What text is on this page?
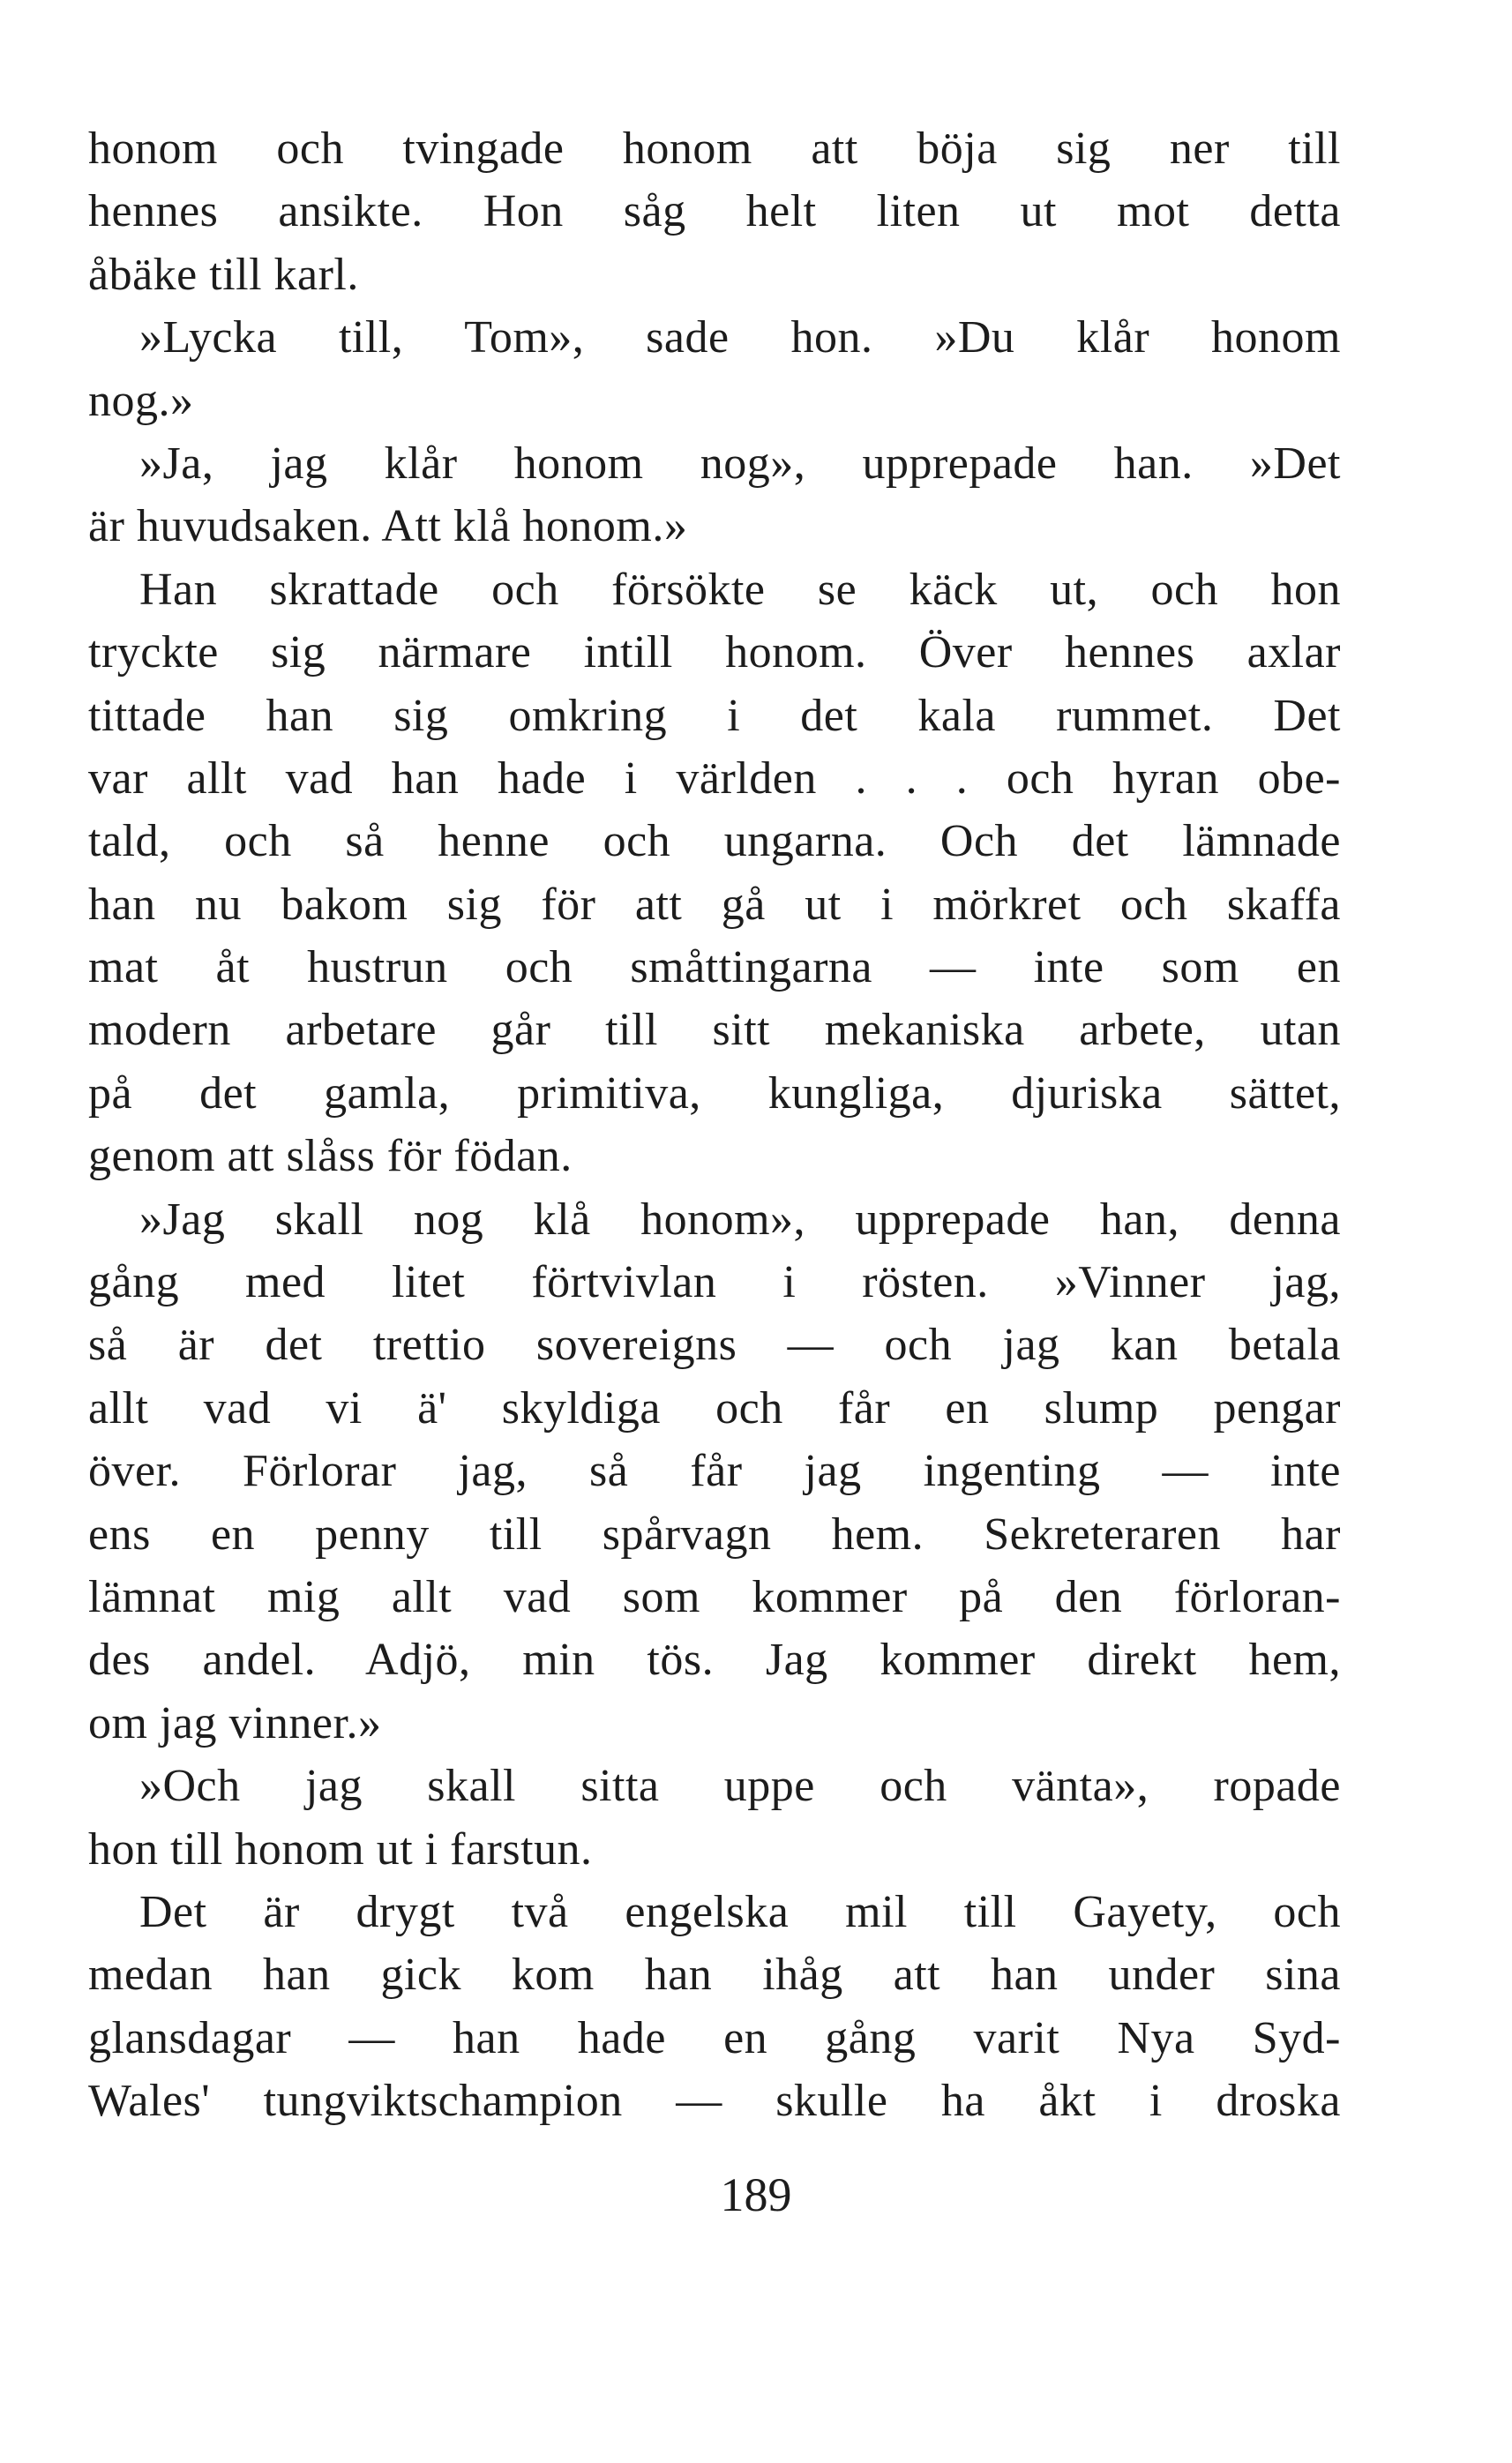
honom och tvingade honom att böja sig ner till
hennes ansikte. Hon såg helt liten ut mot detta
åbäke till karl.
»Lycka till, Tom», sade hon. »Du klår honom
nog.»
»Ja, jag klår honom nog», upprepade han. »Det
är huvudsaken. Att klå honom.»
Han skrattade och försökte se käck ut, och hon
tryckte sig närmare intill honom. Över hennes axlar
tittade han sig omkring i det kala rummet. Det
var allt vad han hade i världen . . . och hyran obe-
tald, och så henne och ungarna. Och det lämnade
han nu bakom sig för att gå ut i mörkret och skaffa
mat åt hustrun och småttingarna — inte som en
modern arbetare går till sitt mekaniska arbete, utan
på det gamla, primitiva, kungliga, djuriska sättet,
genom att slåss för födan.
»Jag skall nog klå honom», upprepade han, denna
gång med litet förtvivlan i rösten. »Vinner jag,
så är det trettio sovereigns — och jag kan betala
allt vad vi ä' skyldiga och får en slump pengar
över. Förlorar jag, så får jag ingenting — inte
ens en penny till spårvagn hem. Sekreteraren har
lämnat mig allt vad som kommer på den förloran-
des andel. Adjö, min tös. Jag kommer direkt hem,
om jag vinner.»
»Och jag skall sitta uppe och vänta», ropade
hon till honom ut i farstun.
Det är drygt två engelska mil till Gayety, och
medan han gick kom han ihåg att han under sina
glansdagar — han hade en gång varit Nya Syd-
Wales' tungviktschampion — skulle ha åkt i droska
189
